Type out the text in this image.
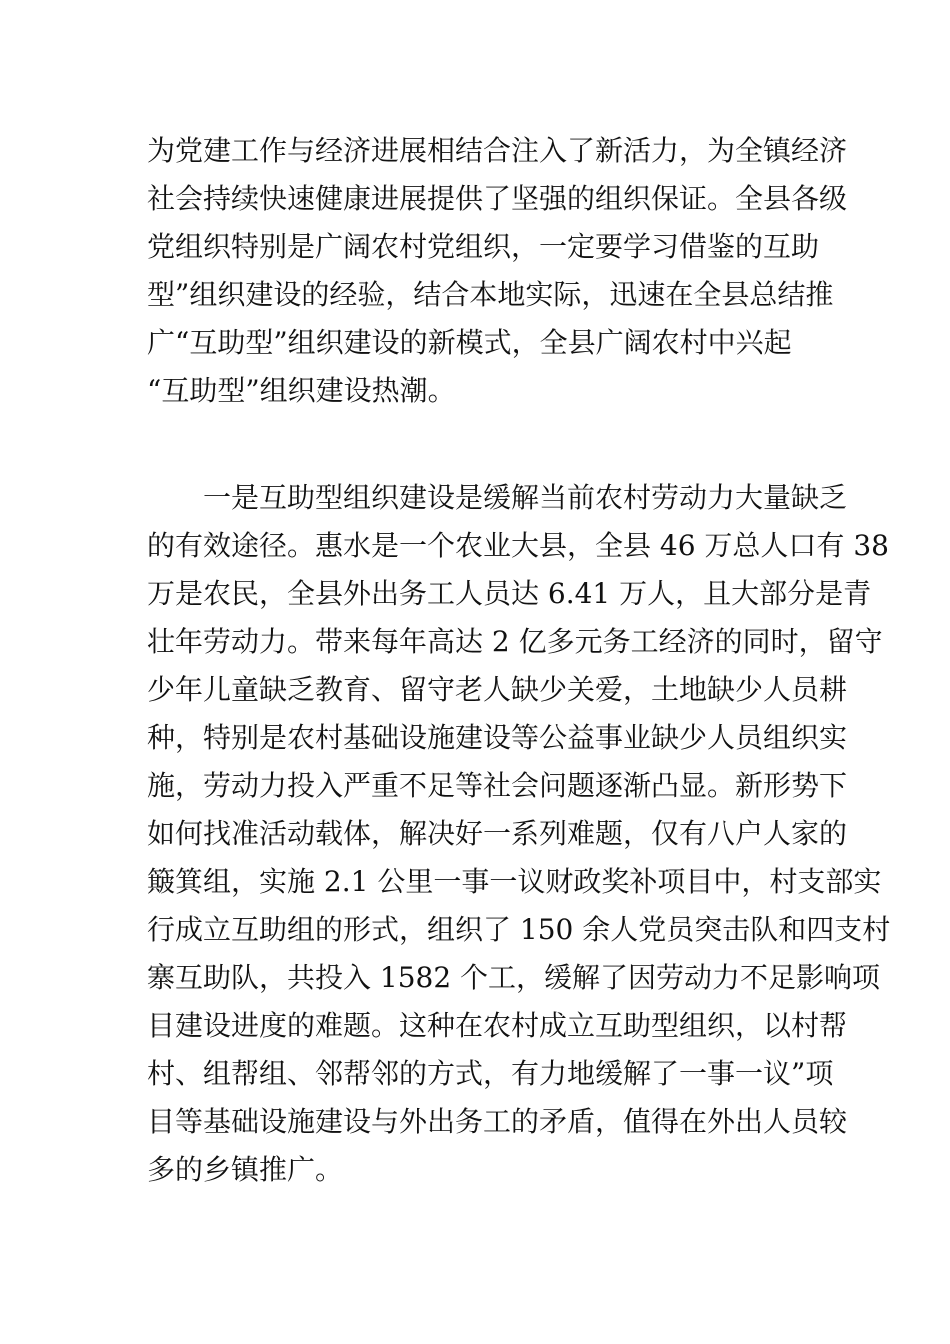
为党建工作与经济进展相结合注入了新活力，为全镇经济
社会持续快速健康进展提供了坚强的组织保证。全县各级
党组织特别是广阔农村党组织，一定要学习借鉴的互助
型”组织建设的经验，结合本地实际，迅速在全县总结推
广“互助型”组织建设的新模式，全县广阔农村中兴起
“互助型”组织建设热潮。
一是互助型组织建设是缓解当前农村劳动力大量缺乏
的有效途径。惠水是一个农业大县，全县 46 万总人口有 38
万是农民，全县外出务工人员达 6.41 万人，且大部分是青
壮年劳动力。带来每年高达 2 亿多元务工经济的同时，留守
少年儿童缺乏教育、留守老人缺少关爱，土地缺少人员耕
种，特别是农村基础设施建设等公益事业缺少人员组织实
施，劳动力投入严重不足等社会问题逐渐凸显。新形势下
如何找准活动载体，解决好一系列难题，仅有八户人家的
簸箕组，实施 2.1 公里一事一议财政奖补项目中，村支部实
行成立互助组的形式，组织了 150 余人党员突击队和四支村
寨互助队，共投入 1582 个工，缓解了因劳动力不足影响项
目建设进度的难题。这种在农村成立互助型组织，以村帮
村、组帮组、邻帮邻的方式，有力地缓解了一事一议”项
目等基础设施建设与外出务工的矛盾，值得在外出人员较
多的乡镇推广。
